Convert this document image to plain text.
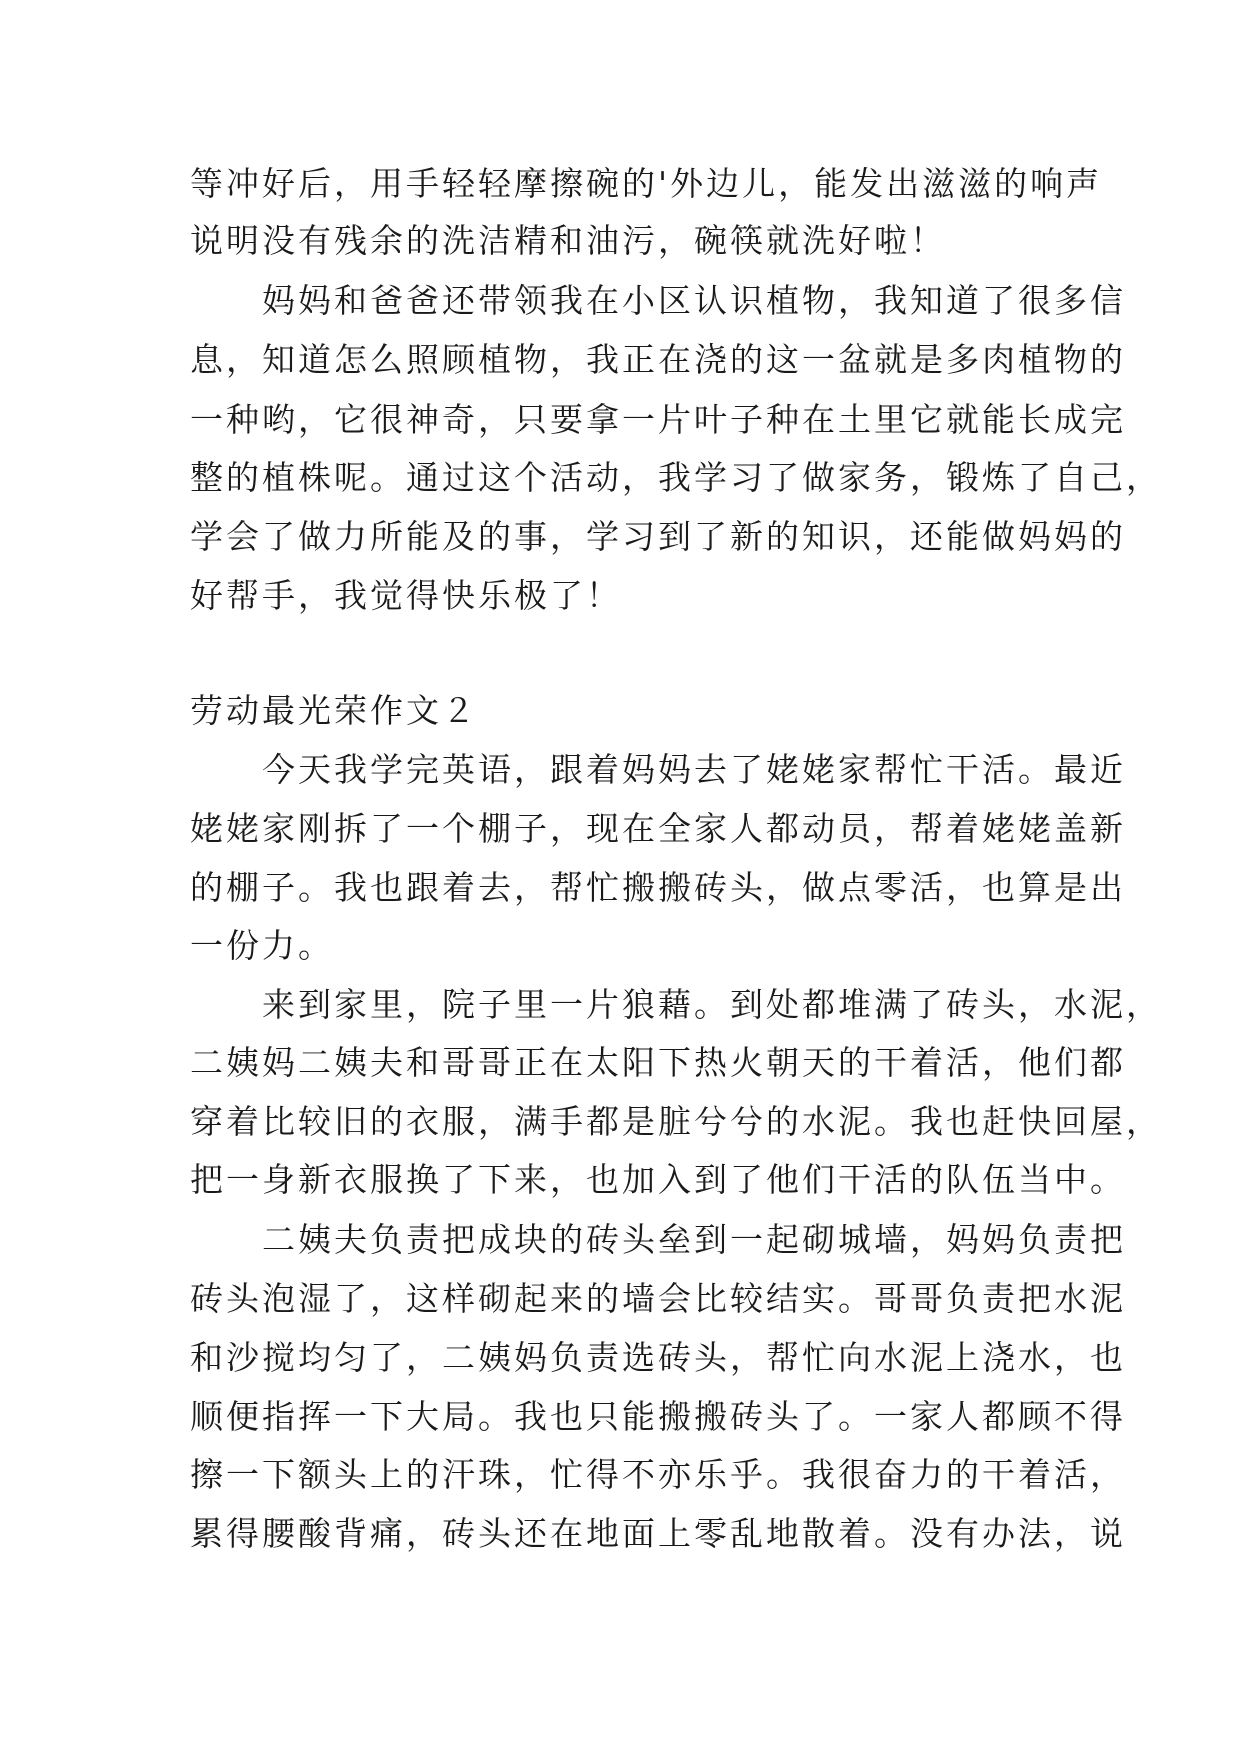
等冲好后，用手轻轻摩擦碗的'外边儿，能发出滋滋的响声
说明没有残余的洗洁精和油污，碗筷就洗好啦！
　　妈妈和爸爸还带领我在小区认识植物，我知道了很多信
息，知道怎么照顾植物，我正在浇的这一盆就是多肉植物的
一种哟，它很神奇，只要拿一片叶子种在土里它就能长成完
整的植株呢。通过这个活动，我学习了做家务，锻炼了自己，
学会了做力所能及的事，学习到了新的知识，还能做妈妈的
好帮手，我觉得快乐极了！
劳动最光荣作文２
　　今天我学完英语，跟着妈妈去了姥姥家帮忙干活。最近
姥姥家刚拆了一个棚子，现在全家人都动员，帮着姥姥盖新
的棚子。我也跟着去，帮忙搬搬砖头，做点零活，也算是出
一份力。
　　来到家里，院子里一片狼藉。到处都堆满了砖头，水泥，
二姨妈二姨夫和哥哥正在太阳下热火朝天的干着活，他们都
穿着比较旧的衣服，满手都是脏兮兮的水泥。我也赶快回屋，
把一身新衣服换了下来，也加入到了他们干活的队伍当中。
　　二姨夫负责把成块的砖头垒到一起砌城墙，妈妈负责把
砖头泡湿了，这样砌起来的墙会比较结实。哥哥负责把水泥
和沙搅均匀了，二姨妈负责选砖头，帮忙向水泥上浇水，也
顺便指挥一下大局。我也只能搬搬砖头了。一家人都顾不得
擦一下额头上的汗珠，忙得不亦乐乎。我很奋力的干着活，
累得腰酸背痛，砖头还在地面上零乱地散着。没有办法，说
